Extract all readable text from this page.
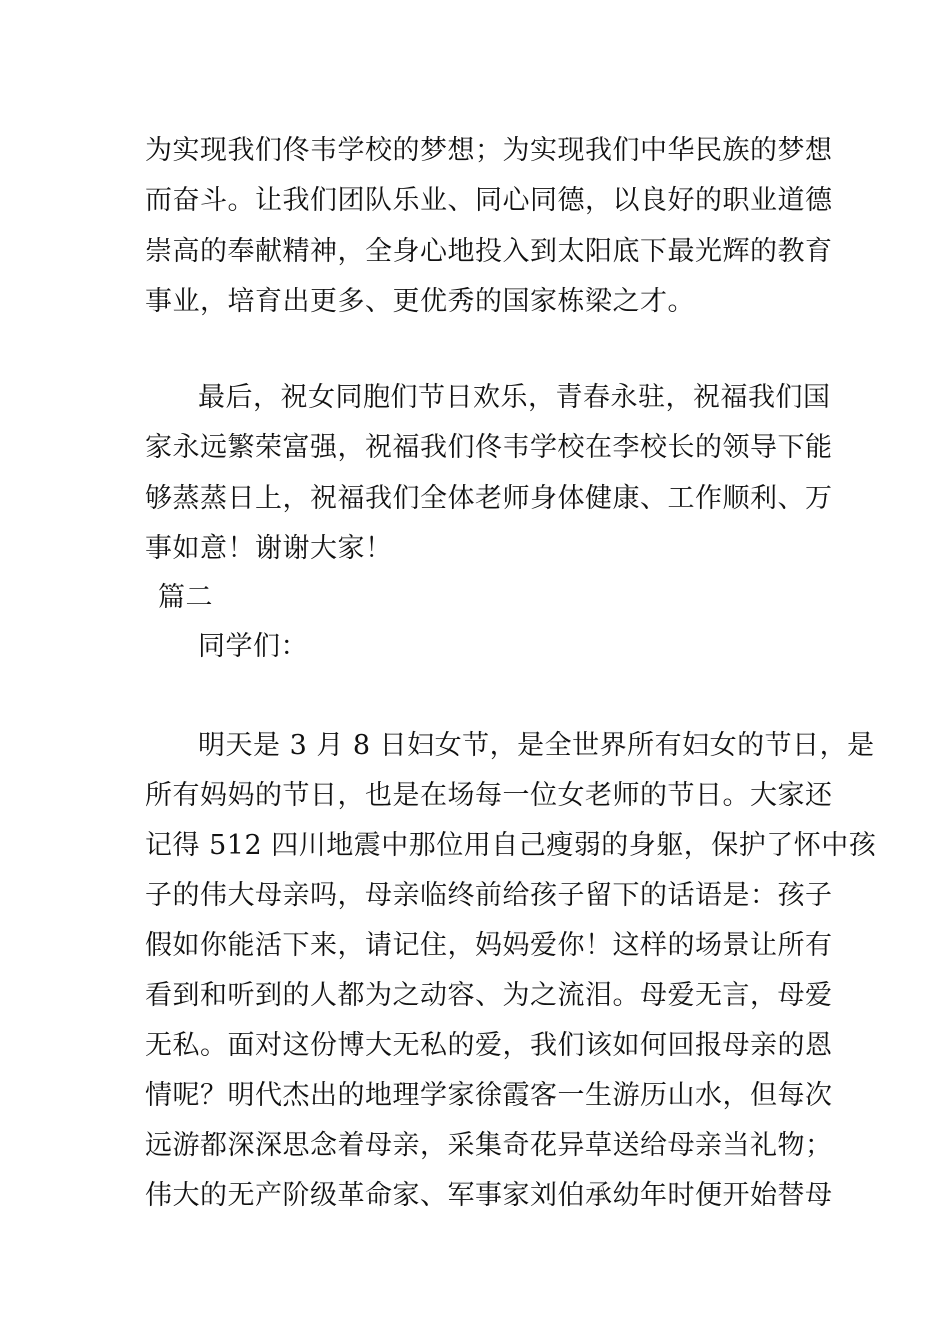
为实现我们佟韦学校的梦想；为实现我们中华民族的梦想
而奋斗。让我们团队乐业、同心同德，以良好的职业道德
崇高的奉献精神，全身心地投入到太阳底下最光辉的教育
事业，培育出更多、更优秀的国家栋梁之才。
最后，祝女同胞们节日欢乐，青春永驻，祝福我们国
家永远繁荣富强，祝福我们佟韦学校在李校长的领导下能
够蒸蒸日上，祝福我们全体老师身体健康、工作顺利、万
事如意！谢谢大家！
篇二
同学们：
明天是 3 月 8 日妇女节，是全世界所有妇女的节日，是
所有妈妈的节日，也是在场每一位女老师的节日。大家还
记得 512 四川地震中那位用自己瘦弱的身躯，保护了怀中孩
子的伟大母亲吗，母亲临终前给孩子留下的话语是：孩子
假如你能活下来，请记住，妈妈爱你！这样的场景让所有
看到和听到的人都为之动容、为之流泪。母爱无言，母爱
无私。面对这份博大无私的爱，我们该如何回报母亲的恩
情呢？明代杰出的地理学家徐霞客一生游历山水，但每次
远游都深深思念着母亲，采集奇花异草送给母亲当礼物；
伟大的无产阶级革命家、军事家刘伯承幼年时便开始替母
